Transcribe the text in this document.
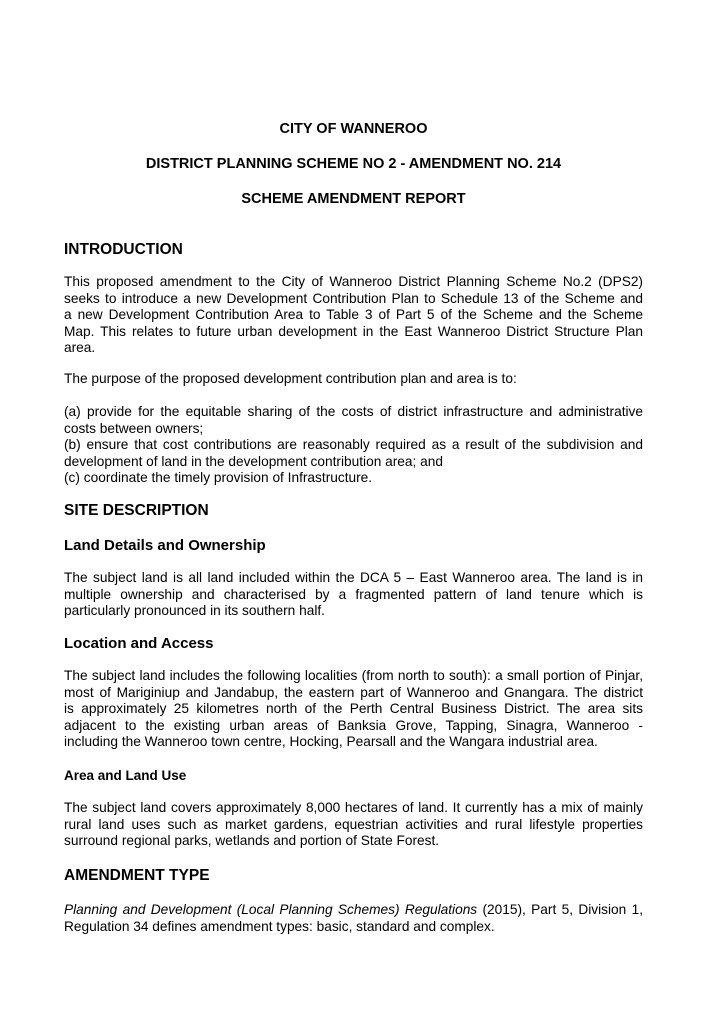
CITY OF WANNEROO
DISTRICT PLANNING SCHEME NO 2 - AMENDMENT NO. 214
SCHEME AMENDMENT REPORT
INTRODUCTION
This proposed amendment to the City of Wanneroo District Planning Scheme No.2 (DPS2)
seeks to introduce a new Development Contribution Plan to Schedule 13 of the Scheme and
a new Development Contribution Area to Table 3 of Part 5 of the Scheme and the Scheme
Map. This relates to future urban development in the East Wanneroo District Structure Plan
area.
The purpose of the proposed development contribution plan and area is to:
(a) provide for the equitable sharing of the costs of district infrastructure and administrative
costs between owners;
(b) ensure that cost contributions are reasonably required as a result of the subdivision and
development of land in the development contribution area; and
(c) coordinate the timely provision of Infrastructure.
SITE DESCRIPTION
Land Details and Ownership
The subject land is all land included within the DCA 5 – East Wanneroo area. The land is in
multiple ownership and characterised by a fragmented pattern of land tenure which is
particularly pronounced in its southern half.
Location and Access
The subject land includes the following localities (from north to south): a small portion of Pinjar,
most of Mariginiup and Jandabup, the eastern part of Wanneroo and Gnangara. The district
is approximately 25 kilometres north of the Perth Central Business District. The area sits
adjacent to the existing urban areas of Banksia Grove, Tapping, Sinagra, Wanneroo -
including the Wanneroo town centre, Hocking, Pearsall and the Wangara industrial area.
Area and Land Use
The subject land covers approximately 8,000 hectares of land. It currently has a mix of mainly
rural land uses such as market gardens, equestrian activities and rural lifestyle properties
surround regional parks, wetlands and portion of State Forest.
AMENDMENT TYPE
Planning and Development (Local Planning Schemes) Regulations (2015), Part 5, Division 1,
Regulation 34 defines amendment types: basic, standard and complex.
